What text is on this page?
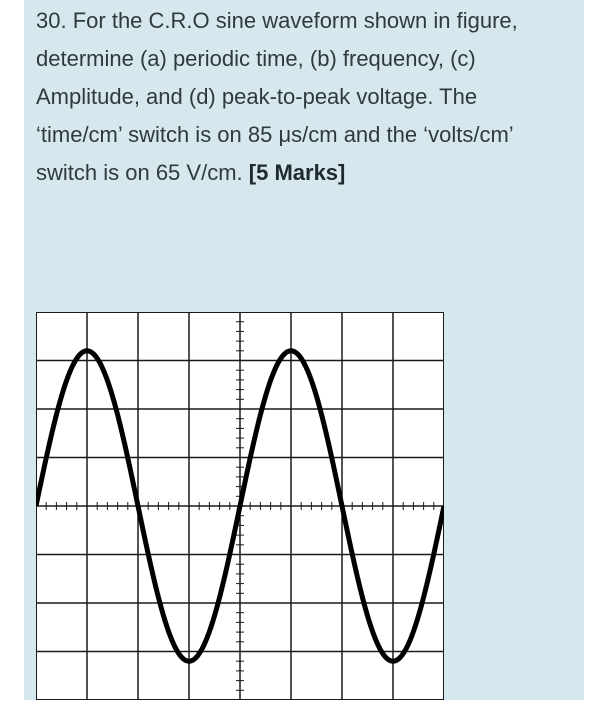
30. For the C.R.O sine waveform shown in figure, determine (a) periodic time, (b) frequency, (c) Amplitude, and (d) peak-to-peak voltage. The ‘time/cm’ switch is on 85 μs/cm and the ‘volts/cm’ switch is on 65 V/cm. [5 Marks]
